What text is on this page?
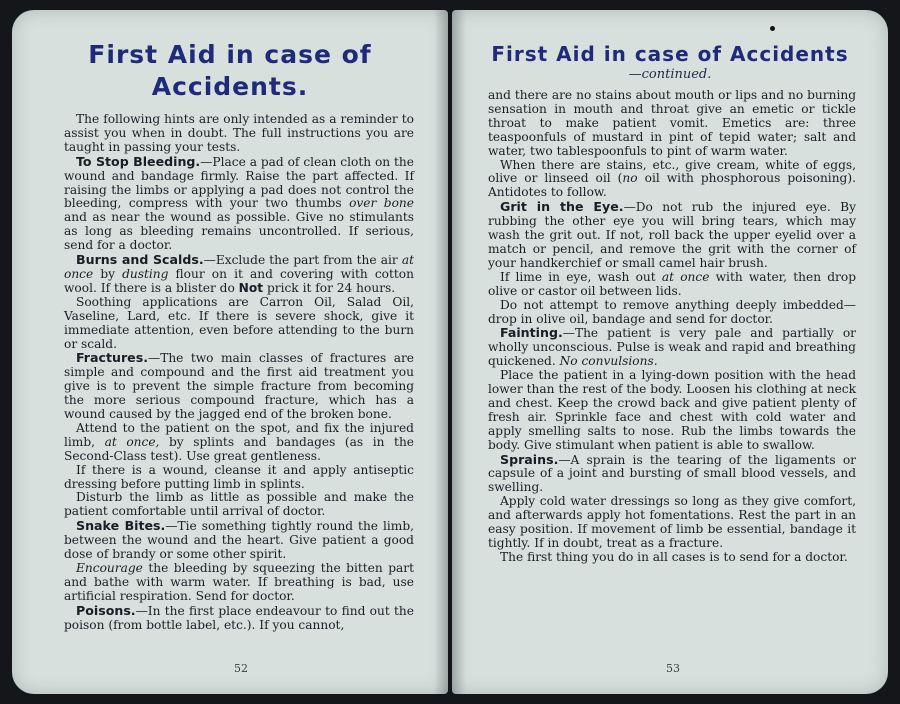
First Aid in case of
Accidents.

The following hints are only intended as a reminder to assist you when in doubt. The full instructions you are taught in passing your tests.

To Stop Bleeding.—Place a pad of clean cloth on the wound and bandage firmly. Raise the part affected. If raising the limbs or applying a pad does not control the bleeding, compress with your two thumbs over bone and as near the wound as possible. Give no stimulants as long as bleeding remains uncontrolled. If serious, send for a doctor.

Burns and Scalds.—Exclude the part from the air at once by dusting flour on it and covering with cotton wool. If there is a blister do Not prick it for 24 hours.

Soothing applications are Carron Oil, Salad Oil, Vaseline, Lard, etc. If there is severe shock, give it immediate attention, even before attending to the burn or scald.

Fractures.—The two main classes of fractures are simple and compound and the first aid treatment you give is to prevent the simple fracture from becoming the more serious compound fracture, which has a wound caused by the jagged end of the broken bone.

Attend to the patient on the spot, and fix the injured limb, at once, by splints and bandages (as in the Second-Class test). Use great gentleness.

If there is a wound, cleanse it and apply antiseptic dressing before putting limb in splints.

Disturb the limb as little as possible and make the patient comfortable until arrival of doctor.

Snake Bites.—Tie something tightly round the limb, between the wound and the heart. Give patient a good dose of brandy or some other spirit.

Encourage the bleeding by squeezing the bitten part and bathe with warm water. If breathing is bad, use artificial respiration. Send for doctor.

Poisons.—In the first place endeavour to find out the poison (from bottle label, etc.). If you cannot,

52
First Aid in case of Accidents
—continued.

and there are no stains about mouth or lips and no burning sensation in mouth and throat give an emetic or tickle throat to make patient vomit. Emetics are: three teaspoonfuls of mustard in pint of tepid water; salt and water, two tablespoonfuls to pint of warm water.

When there are stains, etc., give cream, white of eggs, olive or linseed oil (no oil with phosphorous poisoning). Antidotes to follow.

Grit in the Eye.—Do not rub the injured eye. By rubbing the other eye you will bring tears, which may wash the grit out. If not, roll back the upper eyelid over a match or pencil, and remove the grit with the corner of your handkerchief or small camel hair brush.

If lime in eye, wash out at once with water, then drop olive or castor oil between lids.

Do not attempt to remove anything deeply imbedded—drop in olive oil, bandage and send for doctor.

Fainting.—The patient is very pale and partially or wholly unconscious. Pulse is weak and rapid and breathing quickened. No convulsions.

Place the patient in a lying-down position with the head lower than the rest of the body. Loosen his clothing at neck and chest. Keep the crowd back and give patient plenty of fresh air. Sprinkle face and chest with cold water and apply smelling salts to nose. Rub the limbs towards the body. Give stimulant when patient is able to swallow.

Sprains.—A sprain is the tearing of the ligaments or capsule of a joint and bursting of small blood vessels, and swelling.

Apply cold water dressings so long as they give comfort, and afterwards apply hot fomentations. Rest the part in an easy position. If movement of limb be essential, bandage it tightly. If in doubt, treat as a fracture.

The first thing you do in all cases is to send for a doctor.

53
